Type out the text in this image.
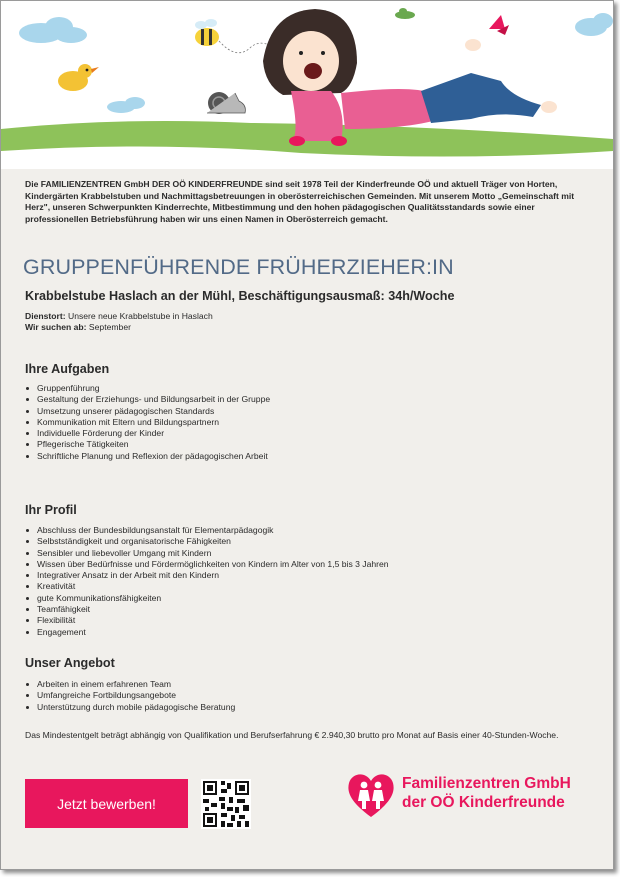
Die FAMILIENZENTREN GmbH DER OÖ KINDERFREUNDE sind seit 1978 Teil der Kinderfreunde OÖ und aktuell Träger von Horten, Kindergärten Krabbelstuben und Nachmittagsbetreuungen in oberösterreichischen Gemeinden. Mit unserem Motto „Gemeinschaft mit Herz", unseren Schwerpunkten Kinderrechte, Mitbestimmung und den hohen pädagogischen Qualitätsstandards sowie einer professionellen Betriebsführung haben wir uns einen Namen in Oberösterreich gemacht.
GRUPPENFÜHRENDE FRÜHERZIEHER:IN
Krabbelstube Haslach an der Mühl, Beschäftigungsausmaß: 34h/Woche
Dienstort: Unsere neue Krabbelstube in Haslach
Wir suchen ab: September
Ihre Aufgaben
Gruppenführung
Gestaltung der Erziehungs- und Bildungsarbeit in der Gruppe
Umsetzung unserer pädagogischen Standards
Kommunikation mit Eltern und Bildungspartnern
Individuelle Förderung der Kinder
Pflegerische Tätigkeiten
Schriftliche Planung und Reflexion der pädagogischen Arbeit
Ihr Profil
Abschluss der Bundesbildungsanstalt für Elementarpädagogik
Selbstständigkeit und organisatorische Fähigkeiten
Sensibler und liebevoller Umgang mit Kindern
Wissen über Bedürfnisse und Fördermöglichkeiten von Kindern im Alter von 1,5 bis 3 Jahren
Integrativer Ansatz in der Arbeit mit den Kindern
Kreativität
gute Kommunikationsfähigkeiten
Teamfähigkeit
Flexibilität
Engagement
Unser Angebot
Arbeiten in einem erfahrenen Team
Umfangreiche Fortbildungsangebote
Unterstützung durch mobile pädagogische Beratung
Das Mindestentgelt beträgt abhängig von Qualifikation und Berufserfahrung € 2.940,30 brutto pro Monat auf Basis einer 40-Stunden-Woche.
Jetzt bewerben!
Familienzentren GmbH
der OÖ Kinderfreunde
